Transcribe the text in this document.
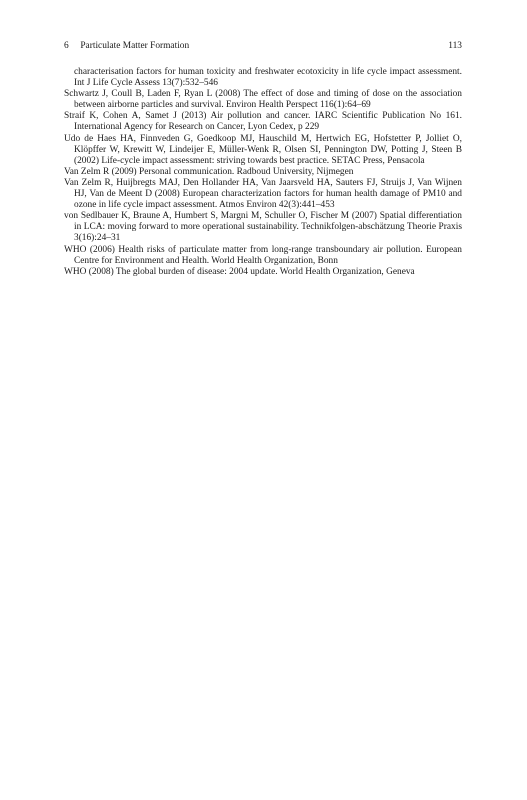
6 Particulate Matter Formation	113

characterisation factors for human toxicity and freshwater ecotoxicity in life cycle impact assessment. Int J Life Cycle Assess 13(7):532–546

Schwartz J, Coull B, Laden F, Ryan L (2008) The effect of dose and timing of dose on the association between airborne particles and survival. Environ Health Perspect 116(1):64–69

Straif K, Cohen A, Samet J (2013) Air pollution and cancer. IARC Scientific Publication No 161. International Agency for Research on Cancer, Lyon Cedex, p 229

Udo de Haes HA, Finnveden G, Goedkoop MJ, Hauschild M, Hertwich EG, Hofstetter P, Jolliet O, Klöpffer W, Krewitt W, Lindeijer E, Müller-Wenk R, Olsen SI, Pennington DW, Potting J, Steen B (2002) Life-cycle impact assessment: striving towards best practice. SETAC Press, Pensacola

Van Zelm R (2009) Personal communication. Radboud University, Nijmegen

Van Zelm R, Huijbregts MAJ, Den Hollander HA, Van Jaarsveld HA, Sauters FJ, Struijs J, Van Wijnen HJ, Van de Meent D (2008) European characterization factors for human health damage of PM10 and ozone in life cycle impact assessment. Atmos Environ 42(3):441–453

von Sedlbauer K, Braune A, Humbert S, Margni M, Schuller O, Fischer M (2007) Spatial differentiation in LCA: moving forward to more operational sustainability. Technikfolgen-abschätzung Theorie Praxis 3(16):24–31

WHO (2006) Health risks of particulate matter from long-range transboundary air pollution. European Centre for Environment and Health. World Health Organization, Bonn

WHO (2008) The global burden of disease: 2004 update. World Health Organization, Geneva
